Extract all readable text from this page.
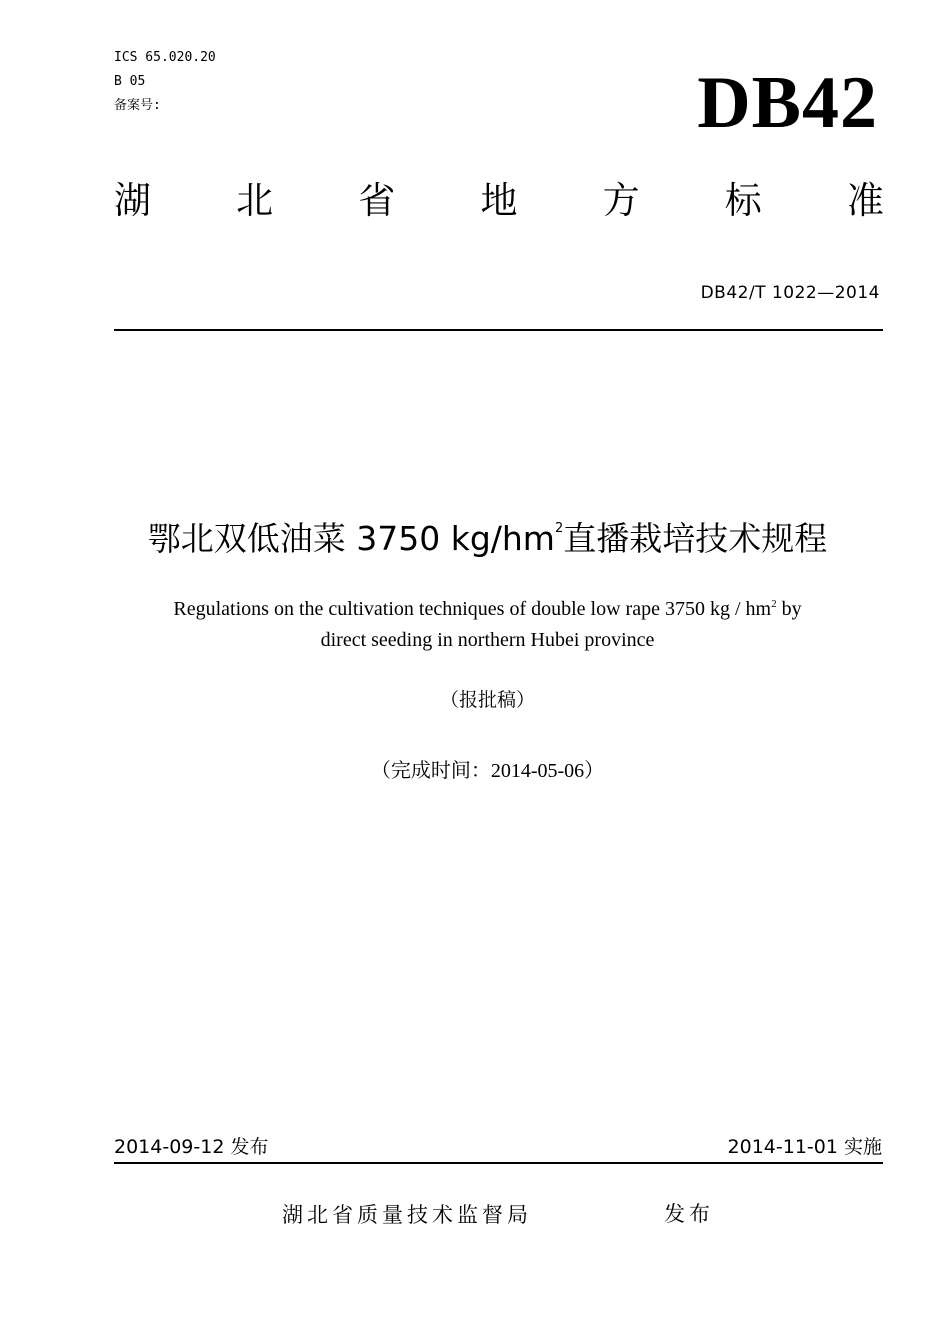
ICS 65.020.20
B 05
备案号:	DB42
湖 北 省 地 方 标 准
DB42/T 1022—2014
鄂北双低油菜 3750 $kg/hm^2$直播栽培技术规程
Regulations on the cultivation techniques of double low rape 3750 kg / $hm^2$ by
direct seeding in northern Hubei province
（报批稿）
（完成时间：2014-05-06）
2014-09-12 发布	2014-11-01 实施
湖北省质量技术监督局	发布
